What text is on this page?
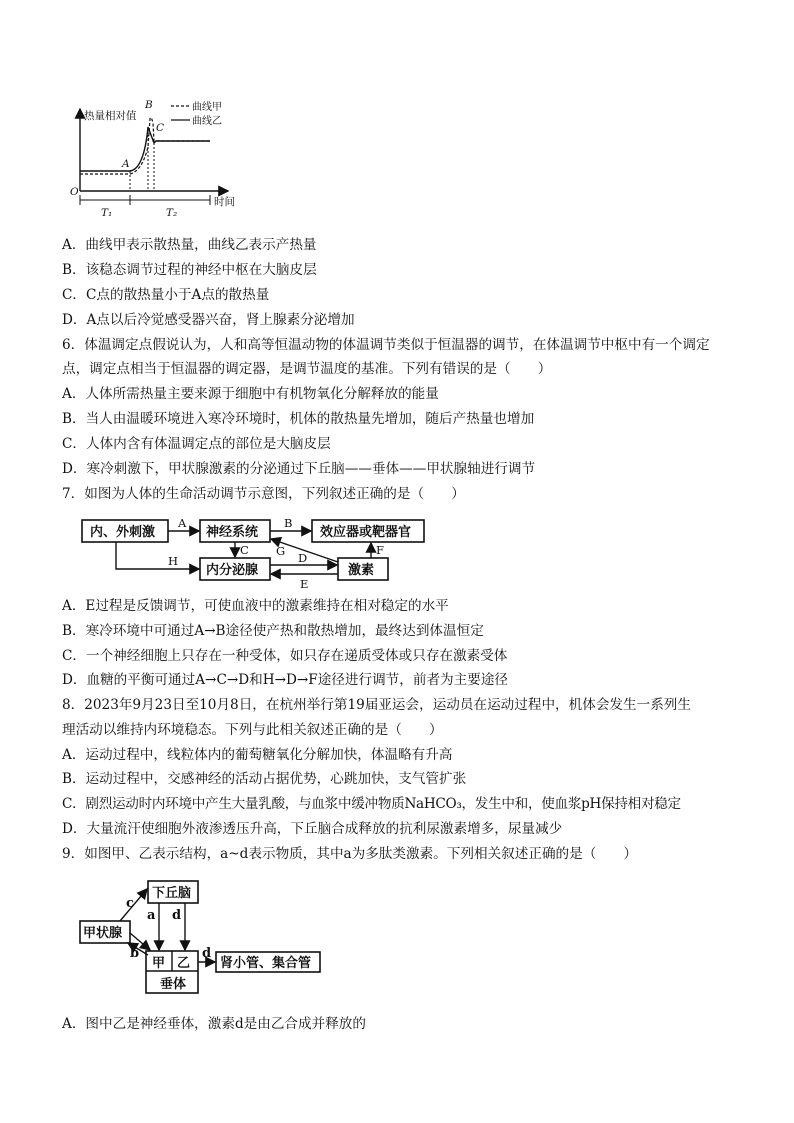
热量相对值
曲线甲
曲线乙
B
C
A
O
T₁	T₂
时间
A．曲线甲表示散热量，曲线乙表示产热量
B．该稳态调节过程的神经中枢在大脑皮层
C．C点的散热量小于A点的散热量
D．A点以后冷觉感受器兴奋，肾上腺素分泌增加
6．体温调定点假说认为，人和高等恒温动物的体温调节类似于恒温器的调节，在体温调节中枢中有一个调定
点，调定点相当于恒温器的调定器，是调节温度的基准。下列有错误的是（　　）
A．人体所需热量主要来源于细胞中有机物氧化分解释放的能量
B．当人由温暖环境进入寒冷环境时，机体的散热量先增加，随后产热量也增加
C．人体内含有体温调定点的部位是大脑皮层
D．寒冷刺激下，甲状腺激素的分泌通过下丘脑——垂体——甲状腺轴进行调节
7．如图为人体的生命活动调节示意图，下列叙述正确的是（　　）
内、外刺激	神经系统	效应器或靶器官
内分泌腺	激素
A	B
C G D
F
H
E
A．E过程是反馈调节，可使血液中的激素维持在相对稳定的水平
B．寒冷环境中可通过A→B途径使产热和散热增加，最终达到体温恒定
C．一个神经细胞上只存在一种受体，如只存在递质受体或只存在激素受体
D．血糖的平衡可通过A→C→D和H→D→F途径进行调节，前者为主要途径
8．2023年9月23日至10月8日，在杭州举行第19届亚运会，运动员在运动过程中，机体会发生一系列生
理活动以维持内环境稳态。下列与此相关叙述正确的是（　　）
A．运动过程中，线粒体内的葡萄糖氧化分解加快，体温略有升高
B．运动过程中，交感神经的活动占据优势，心跳加快，支气管扩张
C．剧烈运动时内环境中产生大量乳酸，与血浆中缓冲物质NaHCO₃，发生中和，使血浆pH保持相对稳定
D．大量流汗使细胞外液渗透压升高，下丘脑合成释放的抗利尿激素增多，尿量减少
9．如图甲、乙表示结构，a~d表示物质，其中a为多肽类激素。下列相关叙述正确的是（　　）
下丘脑
甲状腺
甲 乙
垂体
肾小管、集合管
c
a d
b	d
A．图中乙是神经垂体，激素d是由乙合成并释放的
